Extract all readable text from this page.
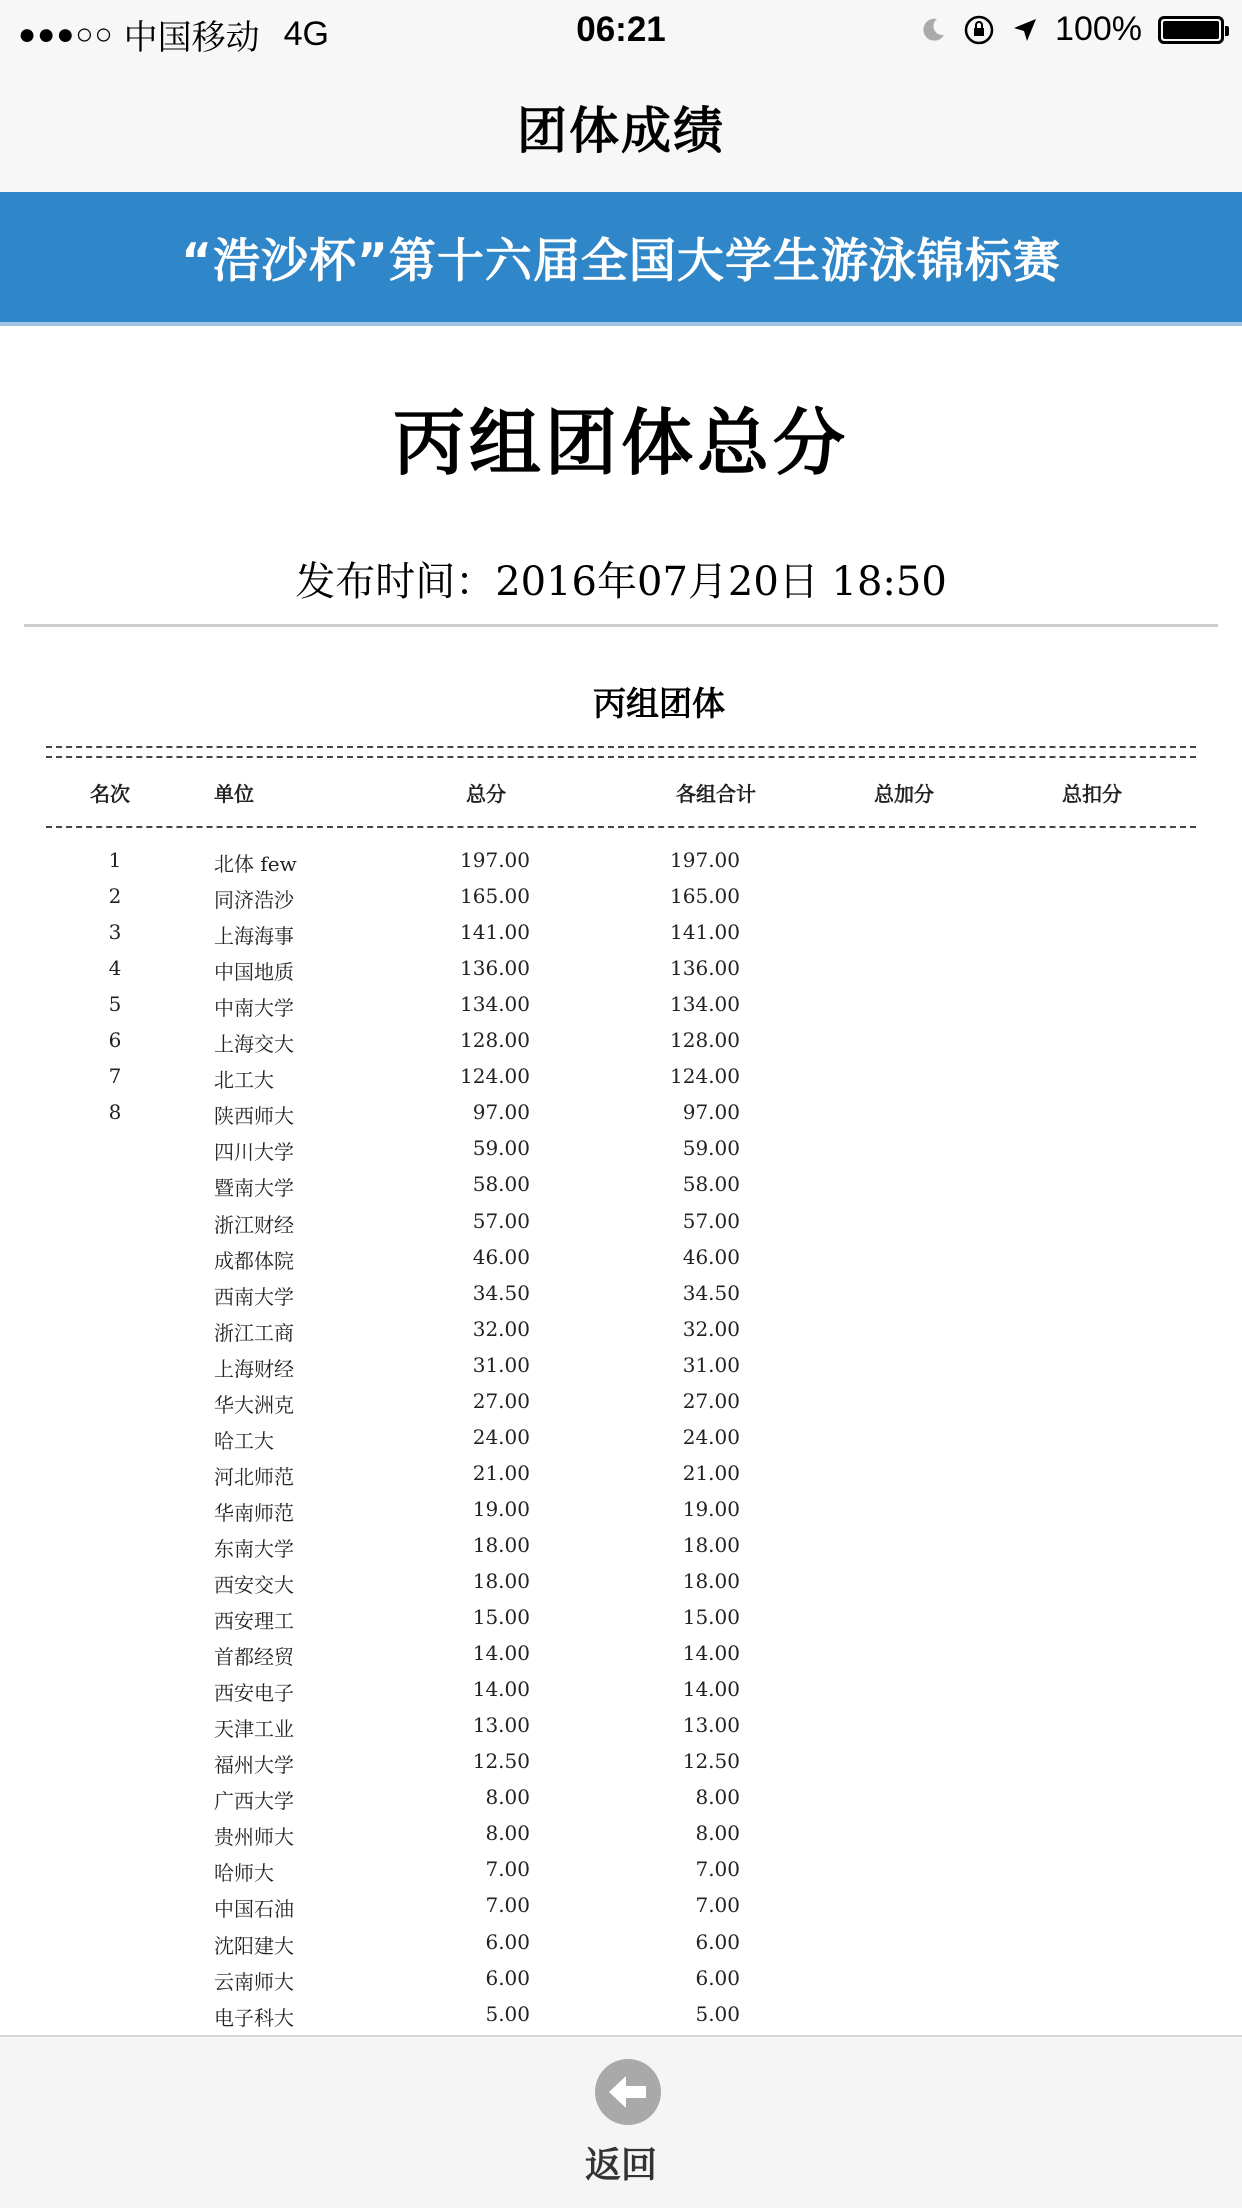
●●●○○ 中国移动 4G	06:21	100%
团体成绩
“浩沙杯”第十六届全国大学生游泳锦标赛
丙组团体总分
发布时间：2016年07月20日 18:50
丙组团体
名次	单位	总分	各组合计	总加分	总扣分
1	北体 few	197.00	197.00
2	同济浩沙	165.00	165.00
3	上海海事	141.00	141.00
4	中国地质	136.00	136.00
5	中南大学	134.00	134.00
6	上海交大	128.00	128.00
7	北工大	124.00	124.00
8	陕西师大	97.00	97.00
四川大学	59.00	59.00
暨南大学	58.00	58.00
浙江财经	57.00	57.00
成都体院	46.00	46.00
西南大学	34.50	34.50
浙江工商	32.00	32.00
上海财经	31.00	31.00
华大洲克	27.00	27.00
哈工大	24.00	24.00
河北师范	21.00	21.00
华南师范	19.00	19.00
东南大学	18.00	18.00
西安交大	18.00	18.00
西安理工	15.00	15.00
首都经贸	14.00	14.00
西安电子	14.00	14.00
天津工业	13.00	13.00
福州大学	12.50	12.50
广西大学	8.00	8.00
贵州师大	8.00	8.00
哈师大	7.00	7.00
中国石油	7.00	7.00
沈阳建大	6.00	6.00
云南师大	6.00	6.00
电子科大	5.00	5.00
返回
